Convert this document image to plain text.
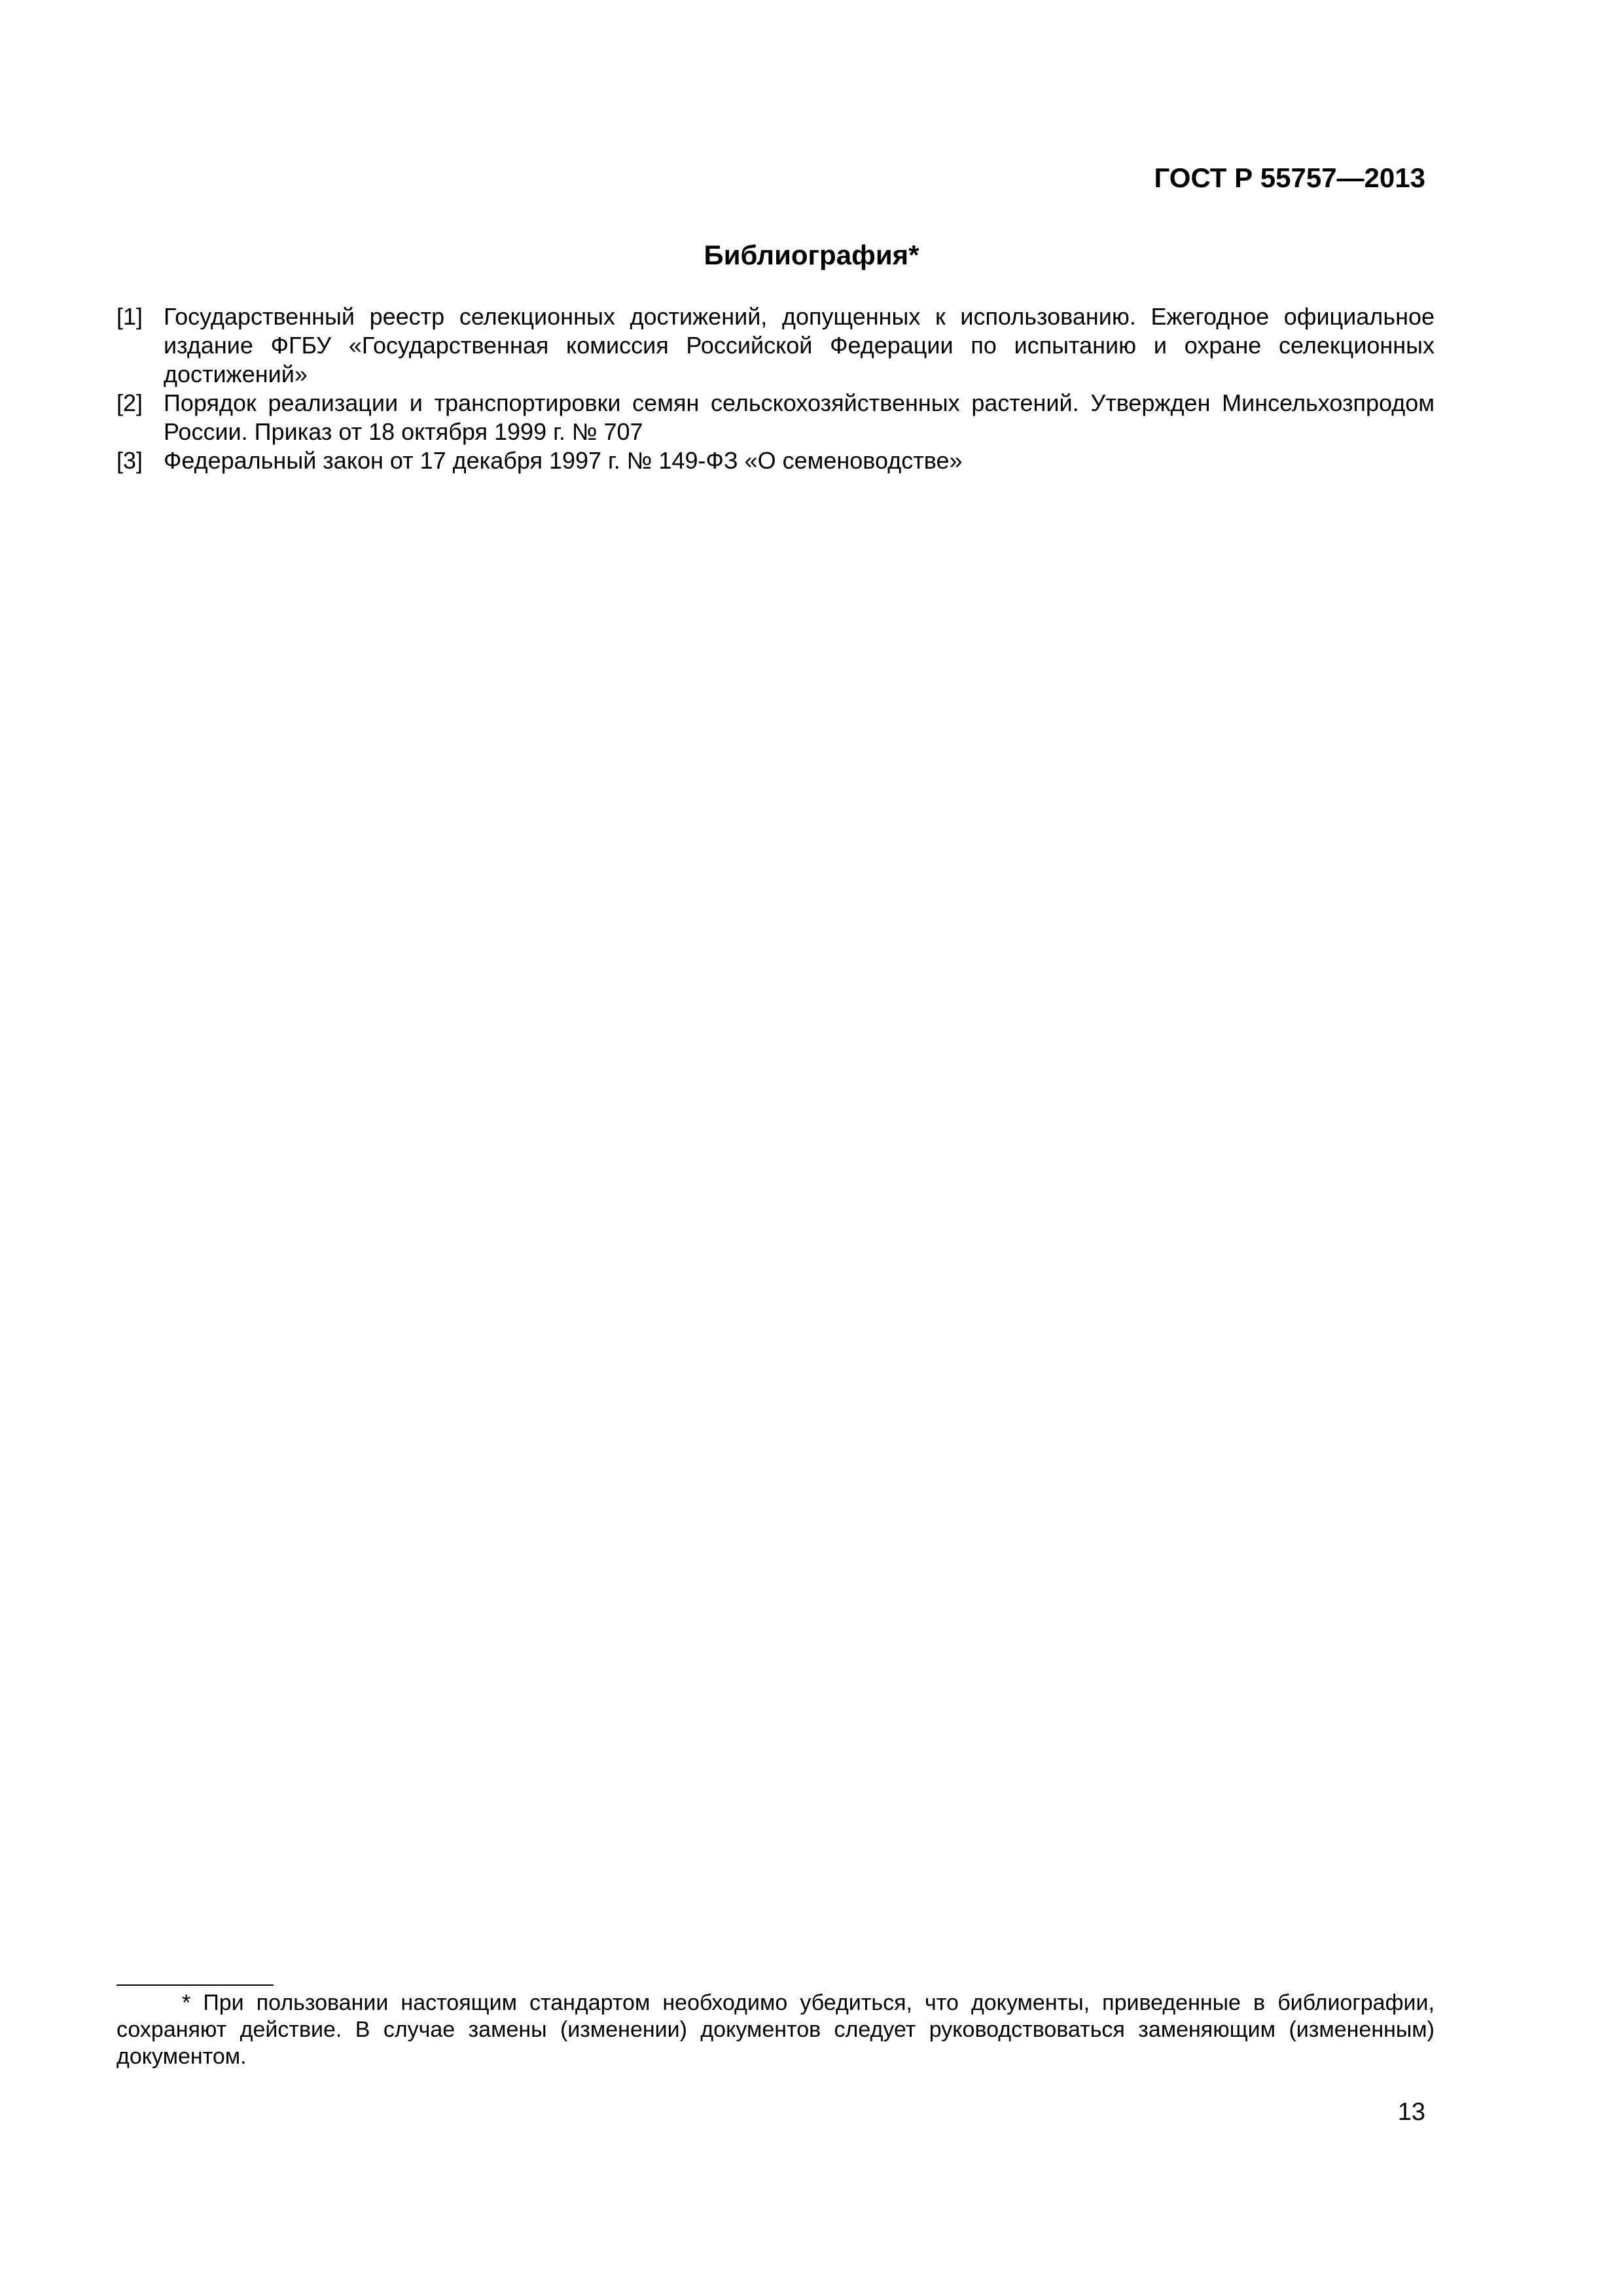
ГОСТ Р 55757—2013
Библиография*
[1] Государственный реестр селекционных достижений, допущенных к использованию. Ежегодное официальное издание ФГБУ «Государственная комиссия Российской Федерации по испытанию и охране селекционных достижений»
[2] Порядок реализации и транспортировки семян сельскохозяйственных растений. Утвержден Минсельхозпродом России. Приказ от 18 октября 1999 г. № 707
[3] Федеральный закон от 17 декабря 1997 г. № 149-ФЗ «О семеноводстве»

* При пользовании настоящим стандартом необходимо убедиться, что документы, приведенные в библиографии, сохраняют действие. В случае замены (изменении) документов следует руководствоваться заменяющим (измененным) документом.

13
